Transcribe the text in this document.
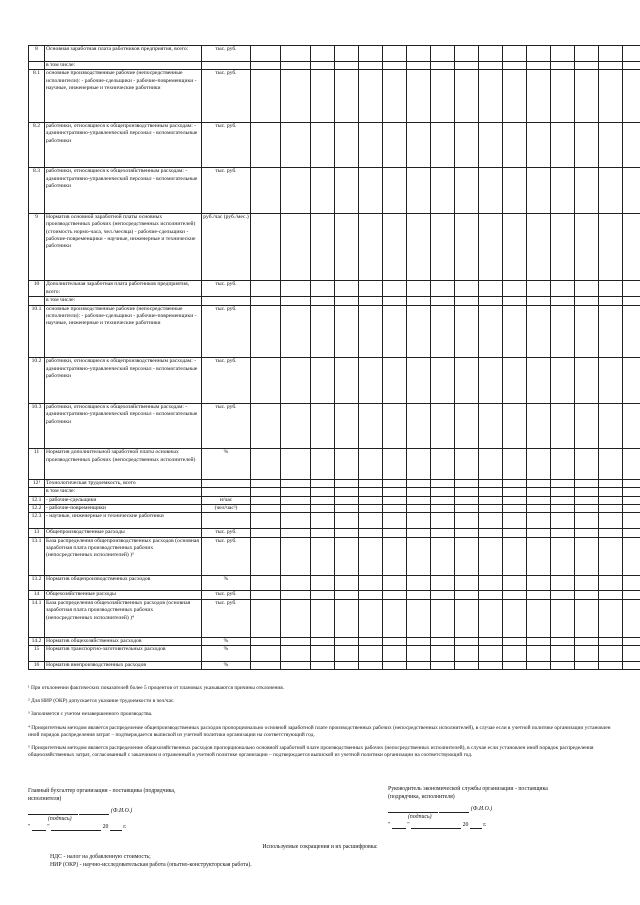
8	Основная заработная плата работников предприятия, всего:	тыс. руб.																
	в том числе:																	
8.1	основные производственные рабочие (непосредственные исполнители): - рабочие-сдельщики - рабочие-повременщики - научные, инженерные и технические работники	тыс. руб.																
8.2	работники, относящиеся к общепроизводственным расходам: - административно-управленческий персонал - вспомогательные работники	тыс. руб.																
8.3	работники, относящиеся к общехозяйственным расходам: - административно-управленческий персонал - вспомогательные работники	тыс. руб.																
9	Норматив основной заработной платы основных производственных рабочих (непосредственных исполнителей) (стоимость нормо-часа, чел./месяца) - рабочие-сдельщики - рабочие-повременщики - научные, инженерные и технические работники	руб./час (руб./мес.)																
10	Дополнительная заработная плата работников предприятия, всего:	тыс. руб.																
	в том числе:																	
10.1	основные производственные рабочие (непосредственные исполнители): - рабочие-сдельщики - рабочие-повременщики - научные, инженерные и технические работники	тыс. руб.																
10.2	работники, относящиеся к общепроизводственным расходам: - административно-управленческий персонал - вспомогательные работники	тыс. руб.																
10.3	работники, относящиеся к общехозяйственным расходам: - административно-управленческий персонал - вспомогательные работники	тыс. руб.																
11	Норматив дополнительной заработной платы основных производственных рабочих (непосредственных исполнителей)	%																
12¹	Технологическая трудоемкость, всего																	
	в том числе:																	
12.1	- рабочие-сдельщики	н/час																
12.2	- рабочие-повременщики	(чел/час²)																
12.3	- научные, инженерные и технические работники																	
13	Общепроизводственные расходы	тыс. руб.																
13.1	База распределения общепроизводственных расходов (основная заработная плата производственных рабочих (непосредственных исполнителей) )³	тыс. руб.																
13.2	Норматив общепроизводственных расходов	%																
14	Общехозяйственные расходы	тыс. руб.																
14.1	База распределения общехозяйственных расходов (основная заработная плата производственных рабочих (непосредственных исполнителей) )⁴	тыс. руб.																
14.2	Норматив общехозяйственных расходов	%																
15	Норматив транспортно-заготовительных расходов	%																
16	Норматив внепроизводственных расходов	%																

¹ При отклонении фактических показателей более 5 процентов от плановых указываются причины отклонения.

² Для НИР (ОКР) допускается указание трудоемкости в чел/час.

³ Заполняется с учетом незавершенного производства.

⁴ Приоритетным методом является распределение общепроизводственных расходов пропорционально основной заработной плате производственных рабочих (непосредственных исполнителей), в случае если в учетной политике организации установлен иной порядок распределения затрат – подтверждается выпиской из учетной политики организации на соответствующий год.

⁵ Приоритетным методом является распределение общехозяйственных расходов пропорционально основной заработной плате производственных рабочих (непосредственных исполнителей), в случае если установлен иной порядок распределения общехозяйственных затрат, согласованный с заказчиком и отраженный в учетной политике организации – подтверждается выпиской из учетной политики организации на соответствующий год.

Главный бухгалтер организации - поставщика (подрядчика, исполнителя)
(Ф.И.О.)
(подпись)
"	"	20	г.
Руководитель экономической службы организации - поставщика (подрядчика, исполнителя)
(Ф.И.О.)
(подпись)
"	"	20	г.
Используемые сокращения и их расшифровка:
НДС - налог на добавленную стоимость;
НИР (ОКР) - научно-исследовательская работа (опытно-конструкторская работа).
